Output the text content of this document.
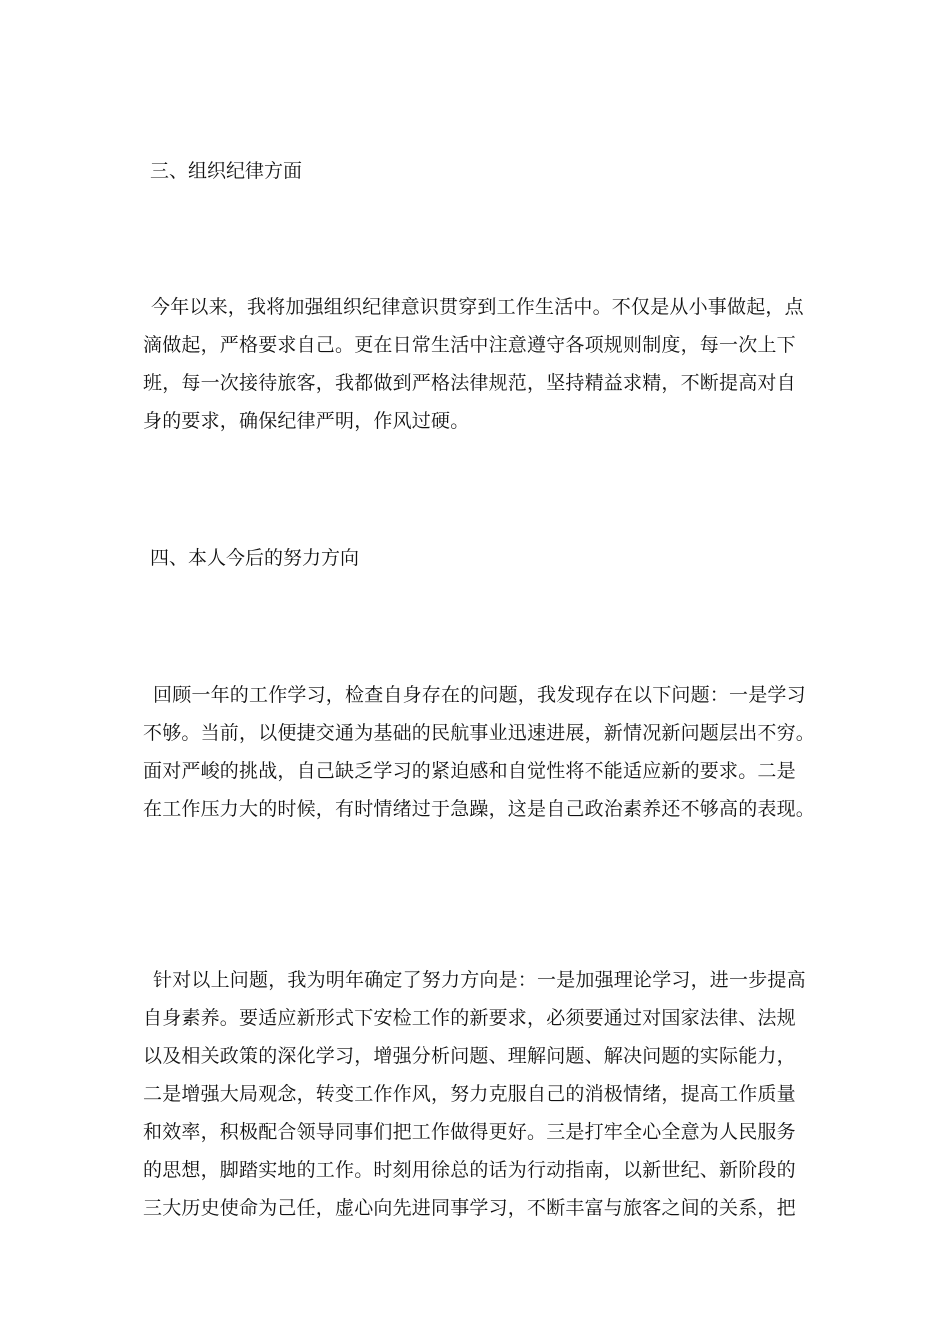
三、组织纪律方面
今年以来，我将加强组织纪律意识贯穿到工作生活中。不仅是从小事做起，点
滴做起，严格要求自己。更在日常生活中注意遵守各项规则制度，每一次上下
班，每一次接待旅客，我都做到严格法律规范，坚持精益求精，不断提高对自
身的要求，确保纪律严明，作风过硬。
四、本人今后的努力方向
回顾一年的工作学习，检查自身存在的问题，我发现存在以下问题：一是学习
不够。当前，以便捷交通为基础的民航事业迅速进展，新情况新问题层出不穷。
面对严峻的挑战，自己缺乏学习的紧迫感和自觉性将不能适应新的要求。二是
在工作压力大的时候，有时情绪过于急躁，这是自己政治素养还不够高的表现。
针对以上问题，我为明年确定了努力方向是：一是加强理论学习，进一步提高
自身素养。要适应新形式下安检工作的新要求，必须要通过对国家法律、法规
以及相关政策的深化学习，增强分析问题、理解问题、解决问题的实际能力，
二是增强大局观念，转变工作作风，努力克服自己的消极情绪，提高工作质量
和效率，积极配合领导同事们把工作做得更好。三是打牢全心全意为人民服务
的思想，脚踏实地的工作。时刻用徐总的话为行动指南，以新世纪、新阶段的
三大历史使命为己任，虚心向先进同事学习，不断丰富与旅客之间的关系，把
